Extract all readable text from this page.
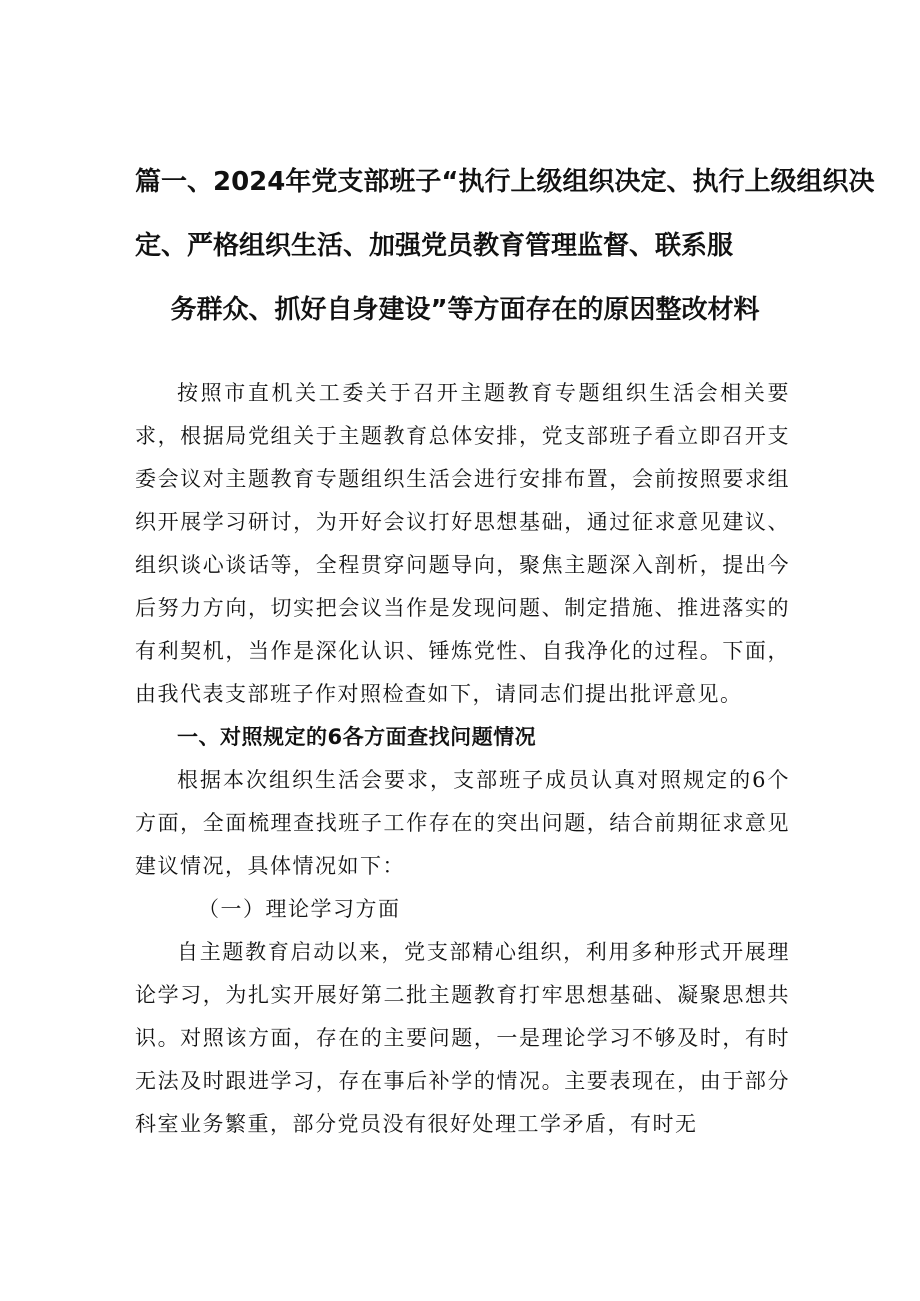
篇一、2024年党支部班子“执行上级组织决定、执行上级组织决
定、严格组织生活、加强党员教育管理监督、联系服
务群众、抓好自身建设”等方面存在的原因整改材料

按照市直机关工委关于召开主题教育专题组织生活会相关要求，根据局党组关于主题教育总体安排，党支部班子看立即召开支委会议对主题教育专题组织生活会进行安排布置，会前按照要求组织开展学习研讨，为开好会议打好思想基础，通过征求意见建议、组织谈心谈话等，全程贯穿问题导向，聚焦主题深入剖析，提出今后努力方向，切实把会议当作是发现问题、制定措施、推进落实的有利契机，当作是深化认识、锤炼党性、自我净化的过程。下面，由我代表支部班子作对照检查如下，请同志们提出批评意见。

一、对照规定的6各方面查找问题情况

根据本次组织生活会要求，支部班子成员认真对照规定的6个方面，全面梳理查找班子工作存在的突出问题，结合前期征求意见建议情况，具体情况如下：

（一）理论学习方面

自主题教育启动以来，党支部精心组织，利用多种形式开展理论学习，为扎实开展好第二批主题教育打牢思想基础、凝聚思想共识。对照该方面，存在的主要问题，一是理论学习不够及时，有时无法及时跟进学习，存在事后补学的情况。主要表现在，由于部分科室业务繁重，部分党员没有很好处理工学矛盾，有时无
